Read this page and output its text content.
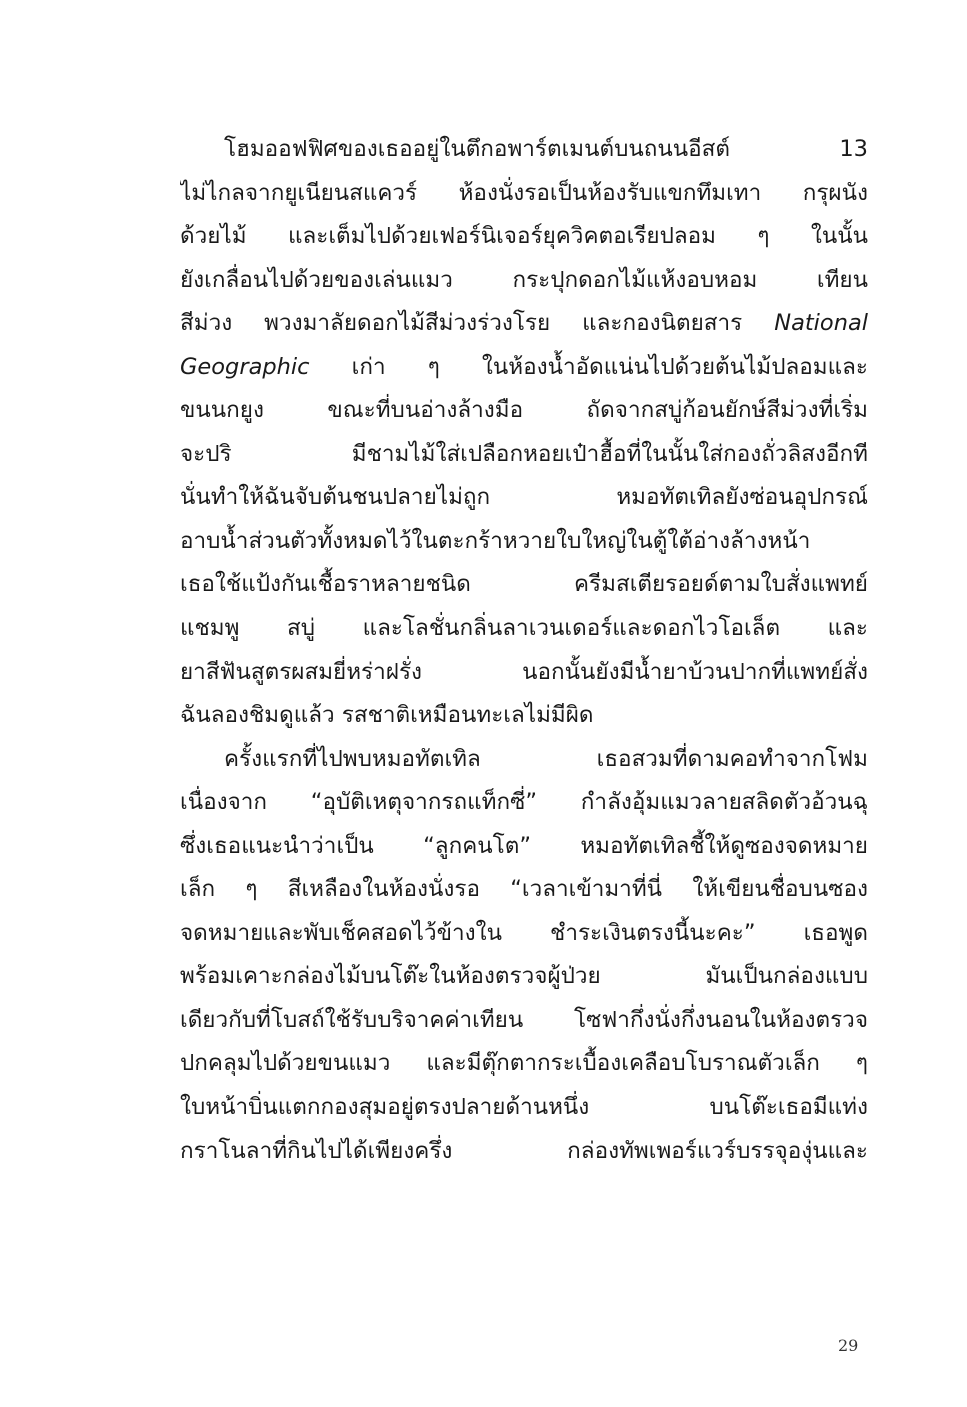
โฮมออฟฟิศของเธออยู่ในตึกอพาร์ตเมนต์บนถนนอีสต์ 13
ไม่ไกลจากยูเนียนสแควร์ ห้องนั่งรอเป็นห้องรับแขกทึมเทา กรุผนัง
ด้วยไม้ และเต็มไปด้วยเฟอร์นิเจอร์ยุควิคตอเรียปลอม ๆ ในนั้น
ยังเกลื่อนไปด้วยของเล่นแมว กระปุกดอกไม้แห้งอบหอม เทียน
สีม่วง พวงมาลัยดอกไม้สีม่วงร่วงโรย และกองนิตยสาร National
Geographic เก่า ๆ ในห้องน้ำอัดแน่นไปด้วยต้นไม้ปลอมและ
ขนนกยูง ขณะที่บนอ่างล้างมือ ถัดจากสบู่ก้อนยักษ์สีม่วงที่เริ่ม
จะปริ มีชามไม้ใส่เปลือกหอยเป๋าฮื้อที่ในนั้นใส่กองถั่วลิสงอีกที
นั่นทำให้ฉันจับต้นชนปลายไม่ถูก หมอทัตเทิลยังซ่อนอุปกรณ์
อาบน้ำส่วนตัวทั้งหมดไว้ในตะกร้าหวายใบใหญ่ในตู้ใต้อ่างล้างหน้า
เธอใช้แป้งกันเชื้อราหลายชนิด ครีมสเตียรอยด์ตามใบสั่งแพทย์
แชมพู สบู่ และโลชั่นกลิ่นลาเวนเดอร์และดอกไวโอเล็ต และ
ยาสีฟันสูตรผสมยี่หร่าฝรั่ง นอกนั้นยังมีน้ำยาบ้วนปากที่แพทย์สั่ง
ฉันลองชิมดูแล้ว รสชาติเหมือนทะเลไม่มีผิด
ครั้งแรกที่ไปพบหมอทัตเทิล เธอสวมที่ดามคอทำจากโฟม
เนื่องจาก “อุบัติเหตุจากรถแท็กซี่” กำลังอุ้มแมวลายสลิดตัวอ้วนฉุ
ซึ่งเธอแนะนำว่าเป็น “ลูกคนโต” หมอทัตเทิลชี้ให้ดูซองจดหมาย
เล็ก ๆ สีเหลืองในห้องนั่งรอ “เวลาเข้ามาที่นี่ ให้เขียนชื่อบนซอง
จดหมายและพับเช็คสอดไว้ข้างใน ชำระเงินตรงนี้นะคะ” เธอพูด
พร้อมเคาะกล่องไม้บนโต๊ะในห้องตรวจผู้ป่วย มันเป็นกล่องแบบ
เดียวกับที่โบสถ์ใช้รับบริจาคค่าเทียน โซฟากึ่งนั่งกึ่งนอนในห้องตรวจ
ปกคลุมไปด้วยขนแมว และมีตุ๊กตากระเบื้องเคลือบโบราณตัวเล็ก ๆ
ใบหน้าบิ่นแตกกองสุมอยู่ตรงปลายด้านหนึ่ง บนโต๊ะเธอมีแท่ง
กราโนลาที่กินไปได้เพียงครึ่ง กล่องทัพเพอร์แวร์บรรจุองุ่นและ
29
